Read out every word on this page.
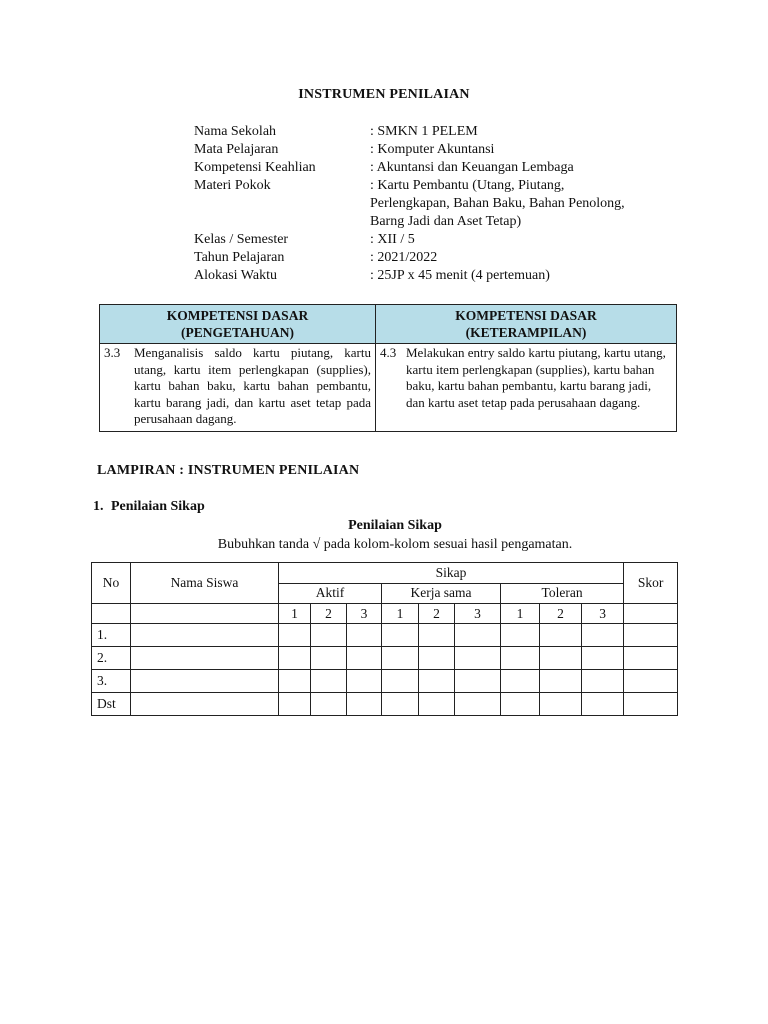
INSTRUMEN PENILAIAN
Nama Sekolah	: SMKN 1 PELEM
Mata Pelajaran	: Komputer Akuntansi
Kompetensi Keahlian	: Akuntansi dan Keuangan Lembaga
Materi Pokok	: Kartu Pembantu (Utang, Piutang,
Perlengkapan, Bahan Baku, Bahan Penolong,
Barng Jadi dan Aset Tetap)
Kelas / Semester	: XII / 5
Tahun Pelajaran	: 2021/2022
Alokasi Waktu	: 25JP x 45 menit (4 pertemuan)
KOMPETENSI DASAR
(PENGETAHUAN)	KOMPETENSI DASAR
(KETERAMPILAN)

3.3 Menganalisis saldo kartu piutang, kartu utang, kartu item perlengkapan (supplies), kartu bahan baku, kartu bahan pembantu, kartu barang jadi, dan kartu aset tetap pada perusahaan dagang.	4.3 Melakukan entry saldo kartu piutang, kartu utang, kartu item perlengkapan (supplies), kartu bahan baku, kartu bahan pembantu, kartu barang jadi, dan kartu aset tetap pada perusahaan dagang.
LAMPIRAN : INSTRUMEN PENILAIAN
1. Penilaian Sikap
Penilaian Sikap
Bubuhkan tanda √ pada kolom-kolom sesuai hasil pengamatan.
No	Nama Siswa	Sikap									Skor
		Aktif			Kerja sama			Toleran			
		1	2	3	1	2	3	1	2	3	
1.											
2.											
3.											
Dst											
